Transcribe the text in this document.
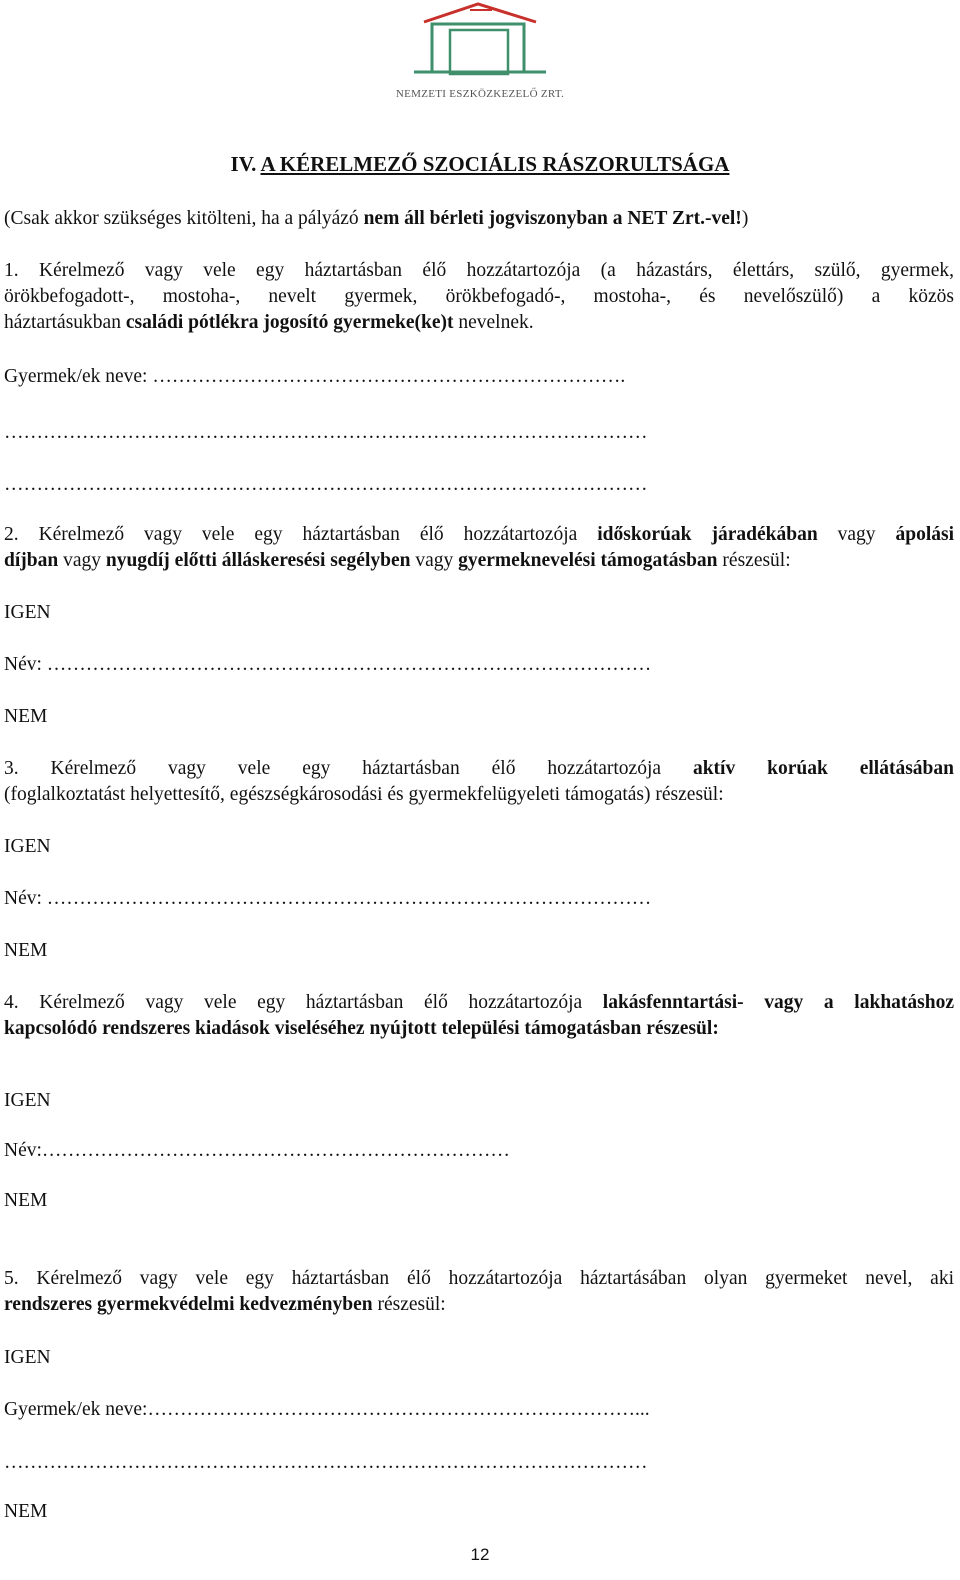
NEMZETI ESZKÖZKEZELŐ ZRT.
IV. A KÉRELMEZŐ SZOCIÁLIS RÁSZORULTSÁGA
(Csak akkor szükséges kitölteni, ha a pályázó nem áll bérleti jogviszonyban a NET Zrt.-vel!)
1. Kérelmező vagy vele egy háztartásban élő hozzátartozója (a házastárs, élettárs, szülő, gyermek,
örökbefogadott-, mostoha-, nevelt gyermek, örökbefogadó-, mostoha-, és nevelőszülő) a közös
háztartásukban családi pótlékra jogosító gyermeke(ke)t nevelnek.
Gyermek/ek neve: ……………………………………………………………….
………………………………………………………………………………………
………………………………………………………………………………………
2. Kérelmező vagy vele egy háztartásban élő hozzátartozója időskorúak járadékában vagy ápolási
díjban vagy nyugdíj előtti álláskeresési segélyben vagy gyermeknevelési támogatásban részesül:
IGEN
Név: …………………………………………………………………………………
NEM
3. Kérelmező vagy vele egy háztartásban élő hozzátartozója aktív korúak ellátásában
(foglalkoztatást helyettesítő, egészségkárosodási és gyermekfelügyeleti támogatás) részesül:
IGEN
Név: …………………………………………………………………………………
NEM
4. Kérelmező vagy vele egy háztartásban élő hozzátartozója lakásfenntartási- vagy a lakhatáshoz
kapcsolódó rendszeres kiadások viseléséhez nyújtott települési támogatásban részesül:
IGEN
Név:………………………………………………………………
NEM
5. Kérelmező vagy vele egy háztartásban élő hozzátartozója háztartásában olyan gyermeket nevel, aki
rendszeres gyermekvédelmi kedvezményben részesül:
IGEN
Gyermek/ek neve:…………………………………………………………………...
………………………………………………………………………………………
NEM
12
